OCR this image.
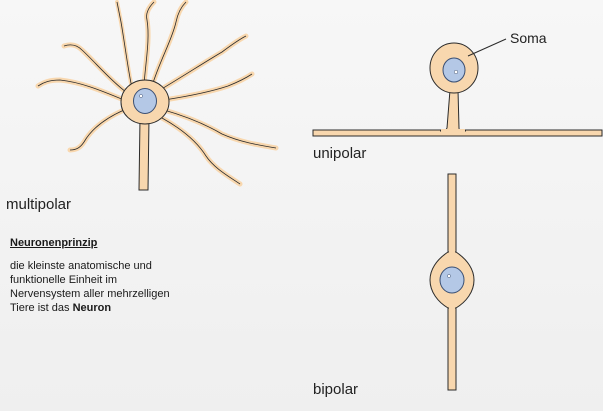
Soma
multipolar
unipolar
bipolar
Neuronenprinzip
die kleinste anatomische und funktionelle Einheit im Nervensystem aller mehrzelligen Tiere ist das Neuron
